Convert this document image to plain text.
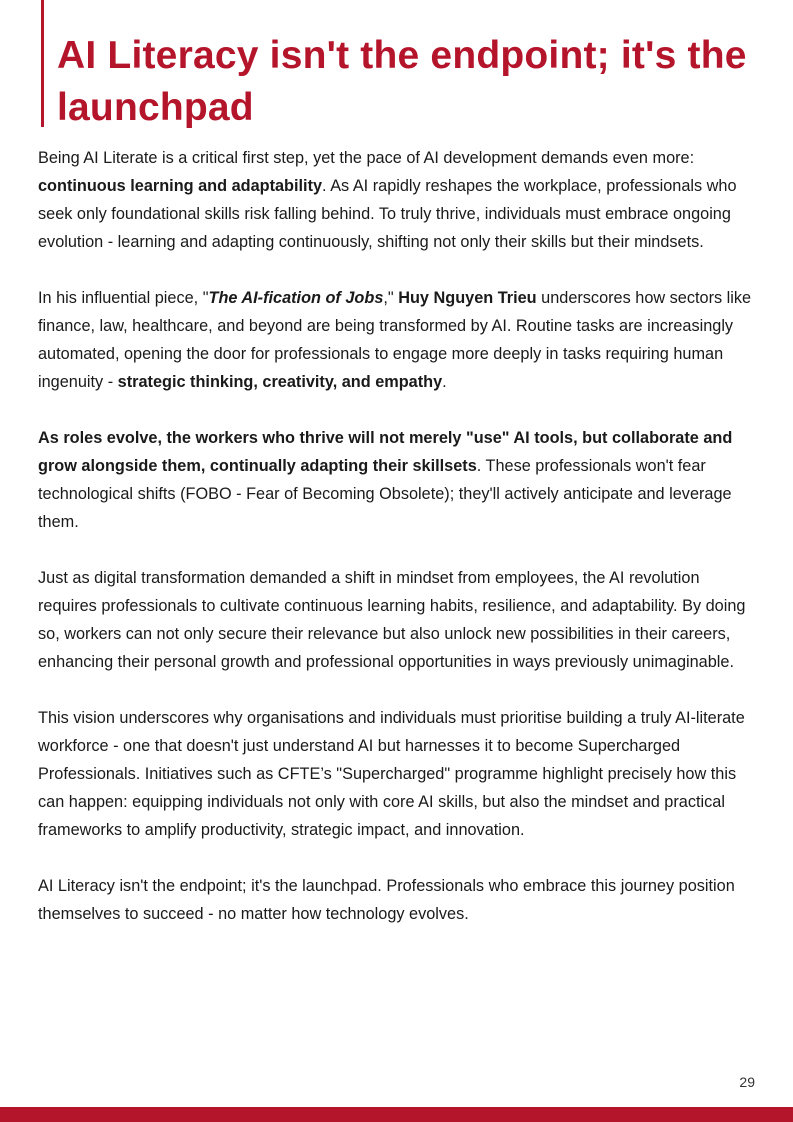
AI Literacy isn't the endpoint; it's the launchpad

Being AI Literate is a critical first step, yet the pace of AI development demands even more: continuous learning and adaptability. As AI rapidly reshapes the workplace, professionals who seek only foundational skills risk falling behind. To truly thrive, individuals must embrace ongoing evolution - learning and adapting continuously, shifting not only their skills but their mindsets.

In his influential piece, "The AI-fication of Jobs," Huy Nguyen Trieu underscores how sectors like finance, law, healthcare, and beyond are being transformed by AI. Routine tasks are increasingly automated, opening the door for professionals to engage more deeply in tasks requiring human ingenuity - strategic thinking, creativity, and empathy.

As roles evolve, the workers who thrive will not merely "use" AI tools, but collaborate and grow alongside them, continually adapting their skillsets. These professionals won't fear technological shifts (FOBO - Fear of Becoming Obsolete); they'll actively anticipate and leverage them.

Just as digital transformation demanded a shift in mindset from employees, the AI revolution requires professionals to cultivate continuous learning habits, resilience, and adaptability. By doing so, workers can not only secure their relevance but also unlock new possibilities in their careers, enhancing their personal growth and professional opportunities in ways previously unimaginable.

This vision underscores why organisations and individuals must prioritise building a truly AI-literate workforce - one that doesn't just understand AI but harnesses it to become Supercharged Professionals. Initiatives such as CFTE’s "Supercharged" programme highlight precisely how this can happen: equipping individuals not only with core AI skills, but also the mindset and practical frameworks to amplify productivity, strategic impact, and innovation.

AI Literacy isn't the endpoint; it's the launchpad. Professionals who embrace this journey position themselves to succeed - no matter how technology evolves.

29
